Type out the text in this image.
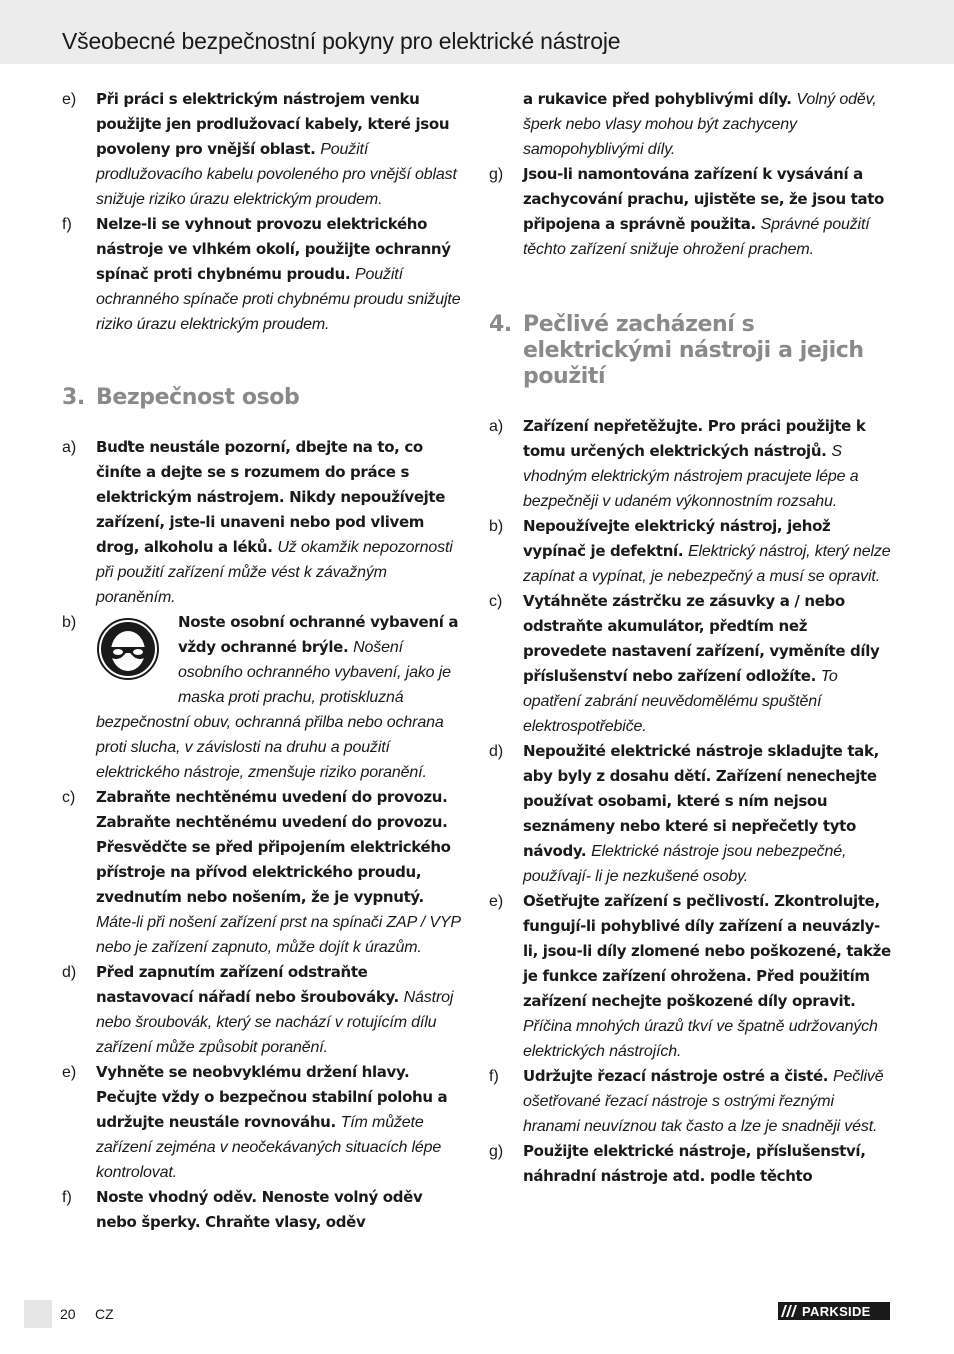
Všeobecné bezpečnostní pokyny pro elektrické nástroje
e)	Při práci s elektrickým nástrojem venku použijte jen prodlužovací kabely, které jsou povoleny pro vnější oblast. Použití prodlužovacího kabelu povoleného pro vnější oblast snižuje riziko úrazu elektrickým proudem.
f)	Nelze-li se vyhnout provozu elektrického nástroje ve vlhkém okolí, použijte ochranný spínač proti chybnému proudu. Použití ochranného spínače proti chybnému proudu snižujte riziko úrazu elektrickým proudem.
3. Bezpečnost osob
a)	Buďte neustále pozorní, dbejte na to, co činíte a dejte se s rozumem do práce s elektrickým nástrojem. Nikdy nepoužívejte zařízení, jste-li unaveni nebo pod vlivem drog, alkoholu a léků. Už okamžik nepozornosti při použití zařízení může vést k závažným poraněním.
b)	Noste osobní ochranné vybavení a vždy ochranné brýle. Nošení osobního ochranného vybavení, jako je maska proti prachu, protiskluzná bezpečnostní obuv, ochranná přilba nebo ochrana proti slucha, v závislosti na druhu a použití elektrického nástroje, zmenšuje riziko poranění.
c)	Zabraňte nechtěnému uvedení do provozu. Zabraňte nechtěnému uvedení do provozu. Přesvědčte se před připojením elektrického přístroje na přívod elektrického proudu, zvednutím nebo nošením, že je vypnutý. Máte-li při nošení zařízení prst na spínači ZAP / VYP nebo je zařízení zapnuto, může dojít k úrazům.
d)	Před zapnutím zařízení odstraňte nastavovací nářadí nebo šroubováky. Nástroj nebo šroubovák, který se nachází v rotujícím dílu zařízení může způsobit poranění.
e)	Vyhněte se neobvyklému držení hlavy. Pečujte vždy o bezpečnou stabilní polohu a udržujte neustále rovnováhu. Tím můžete zařízení zejména v neočekávaných situacích lépe kontrolovat.
f)	Noste vhodný oděv. Nenoste volný oděv nebo šperky. Chraňte vlasy, oděv
a rukavice před pohyblivými díly. Volný oděv, šperk nebo vlasy mohou být zachyceny samopohyblivými díly.
g)	Jsou-li namontována zařízení k vysávání a zachycování prachu, ujistěte se, že jsou tato připojena a správně použita. Správné použití těchto zařízení snižuje ohrožení prachem.
4. Pečlivé zacházení s elektrickými nástroji a jejich použití
a)	Zařízení nepřetěžujte. Pro práci použijte k tomu určených elektrických nástrojů. S vhodným elektrickým nástrojem pracujete lépe a bezpečněji v udaném výkonnostním rozsahu.
b)	Nepoužívejte elektrický nástroj, jehož vypínač je defektní. Elektrický nástroj, který nelze zapínat a vypínat, je nebezpečný a musí se opravit.
c)	Vytáhněte zástrčku ze zásuvky a / nebo odstraňte akumulátor, předtím než provedete nastavení zařízení, vyměníte díly příslušenství nebo zařízení odložíte. To opatření zabrání neuvědomělému spuštění elektrospotřebiče.
d)	Nepoužité elektrické nástroje skladujte tak, aby byly z dosahu dětí. Zařízení nenechejte používat osobami, které s ním nejsou seznámeny nebo které si nepřečetly tyto návody. Elektrické nástroje jsou nebezpečné, používají- li je nezkušené osoby.
e)	Ošetřujte zařízení s pečlivostí. Zkontrolujte, fungují-li pohyblivé díly zařízení a neuvázly-li, jsou-li díly zlomené nebo poškozené, takže je funkce zařízení ohrožena. Před použitím zařízení nechejte poškozené díly opravit. Příčina mnohých úrazů tkví ve špatně udržovaných elektrických nástrojích.
f)	Udržujte řezací nástroje ostré a čisté. Pečlivě ošetřované řezací nástroje s ostrými řeznými hranami neuvíznou tak často a lze je snadněji vést.
g)	Použijte elektrické nástroje, příslušenství, náhradní nástroje atd. podle těchto
20 CZ	PARKSIDE
